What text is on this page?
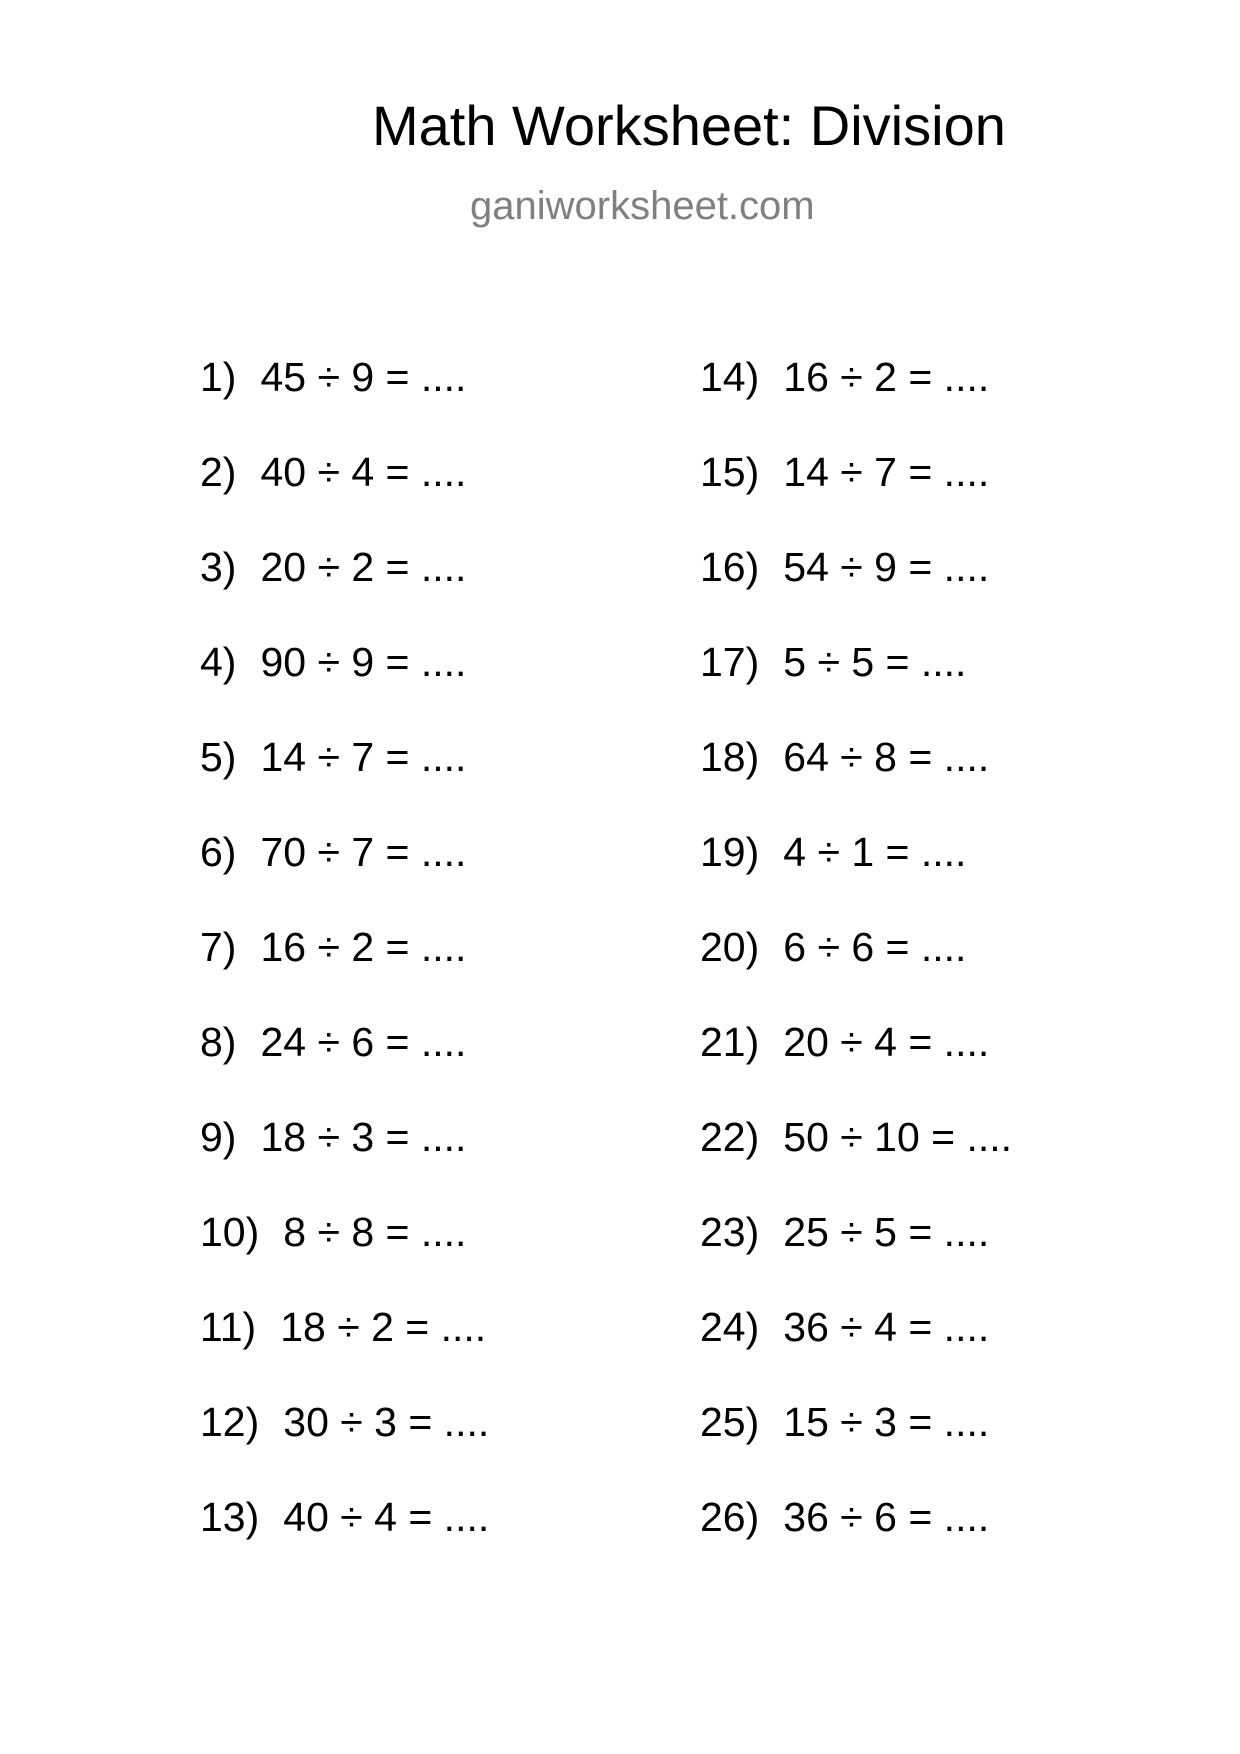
Math Worksheet: Division
ganiworksheet.com
1) 45 ÷ 9 = ....
2) 40 ÷ 4 = ....
3) 20 ÷ 2 = ....
4) 90 ÷ 9 = ....
5) 14 ÷ 7 = ....
6) 70 ÷ 7 = ....
7) 16 ÷ 2 = ....
8) 24 ÷ 6 = ....
9) 18 ÷ 3 = ....
10) 8 ÷ 8 = ....
11) 18 ÷ 2 = ....
12) 30 ÷ 3 = ....
13) 40 ÷ 4 = ....
14) 16 ÷ 2 = ....
15) 14 ÷ 7 = ....
16) 54 ÷ 9 = ....
17) 5 ÷ 5 = ....
18) 64 ÷ 8 = ....
19) 4 ÷ 1 = ....
20) 6 ÷ 6 = ....
21) 20 ÷ 4 = ....
22) 50 ÷ 10 = ....
23) 25 ÷ 5 = ....
24) 36 ÷ 4 = ....
25) 15 ÷ 3 = ....
26) 36 ÷ 6 = ....
